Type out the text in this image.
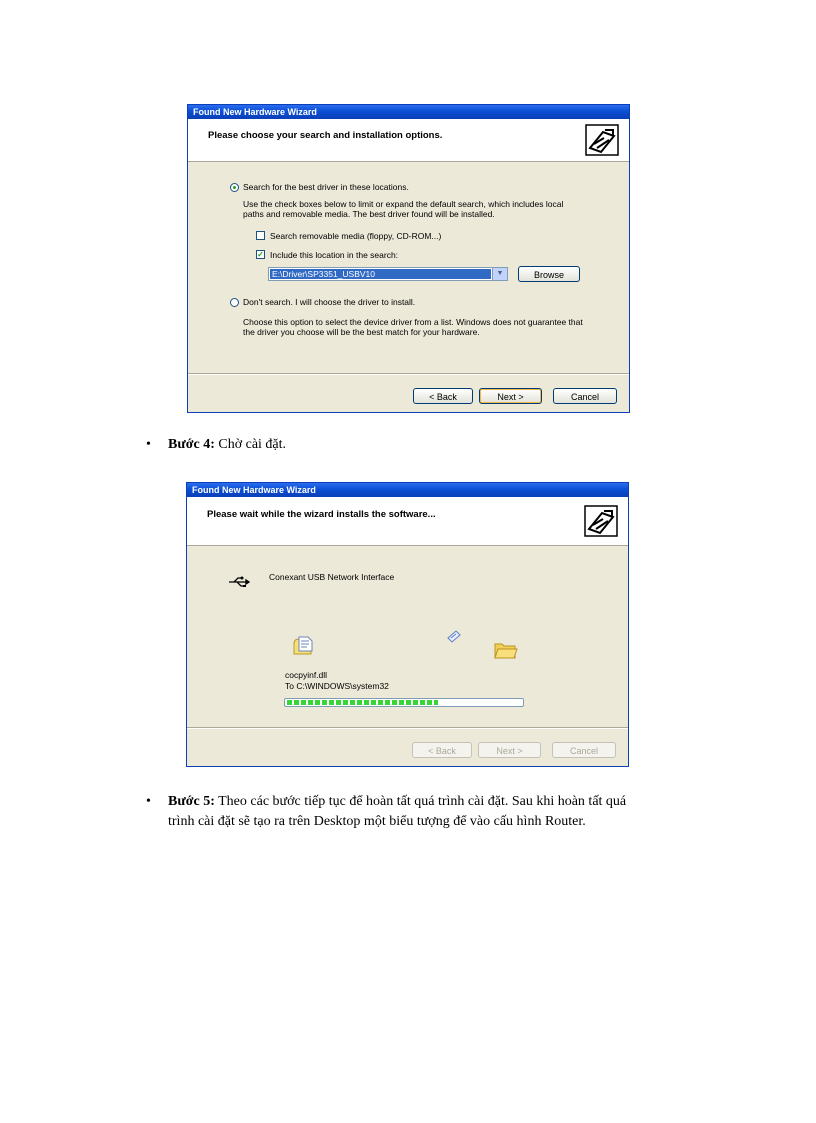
Found New Hardware Wizard
Please choose your search and installation options.
Search for the best driver in these locations.
Use the check boxes below to limit or expand the default search, which includes local
paths and removable media. The best driver found will be installed.
Search removable media (floppy, CD-ROM...)
✓ Include this location in the search:
E:\Driver\SP3351_USBV10	▼	Browse
Don't search. I will choose the driver to install.
Choose this option to select the device driver from a list. Windows does not guarantee that
the driver you choose will be the best match for your hardware.
< Back	Next >	Cancel
• Bước 4: Chờ cài đặt.
Found New Hardware Wizard
Please wait while the wizard installs the software...
Conexant USB Network Interface
cocpyinf.dll
To C:\WINDOWS\system32
< Back	Next >	Cancel
• Bước 5: Theo các bước tiếp tục để hoàn tất quá trình cài đặt. Sau khi hoàn tất quá
trình cài đặt sẽ tạo ra trên Desktop một biểu tượng để vào cấu hình Router.
